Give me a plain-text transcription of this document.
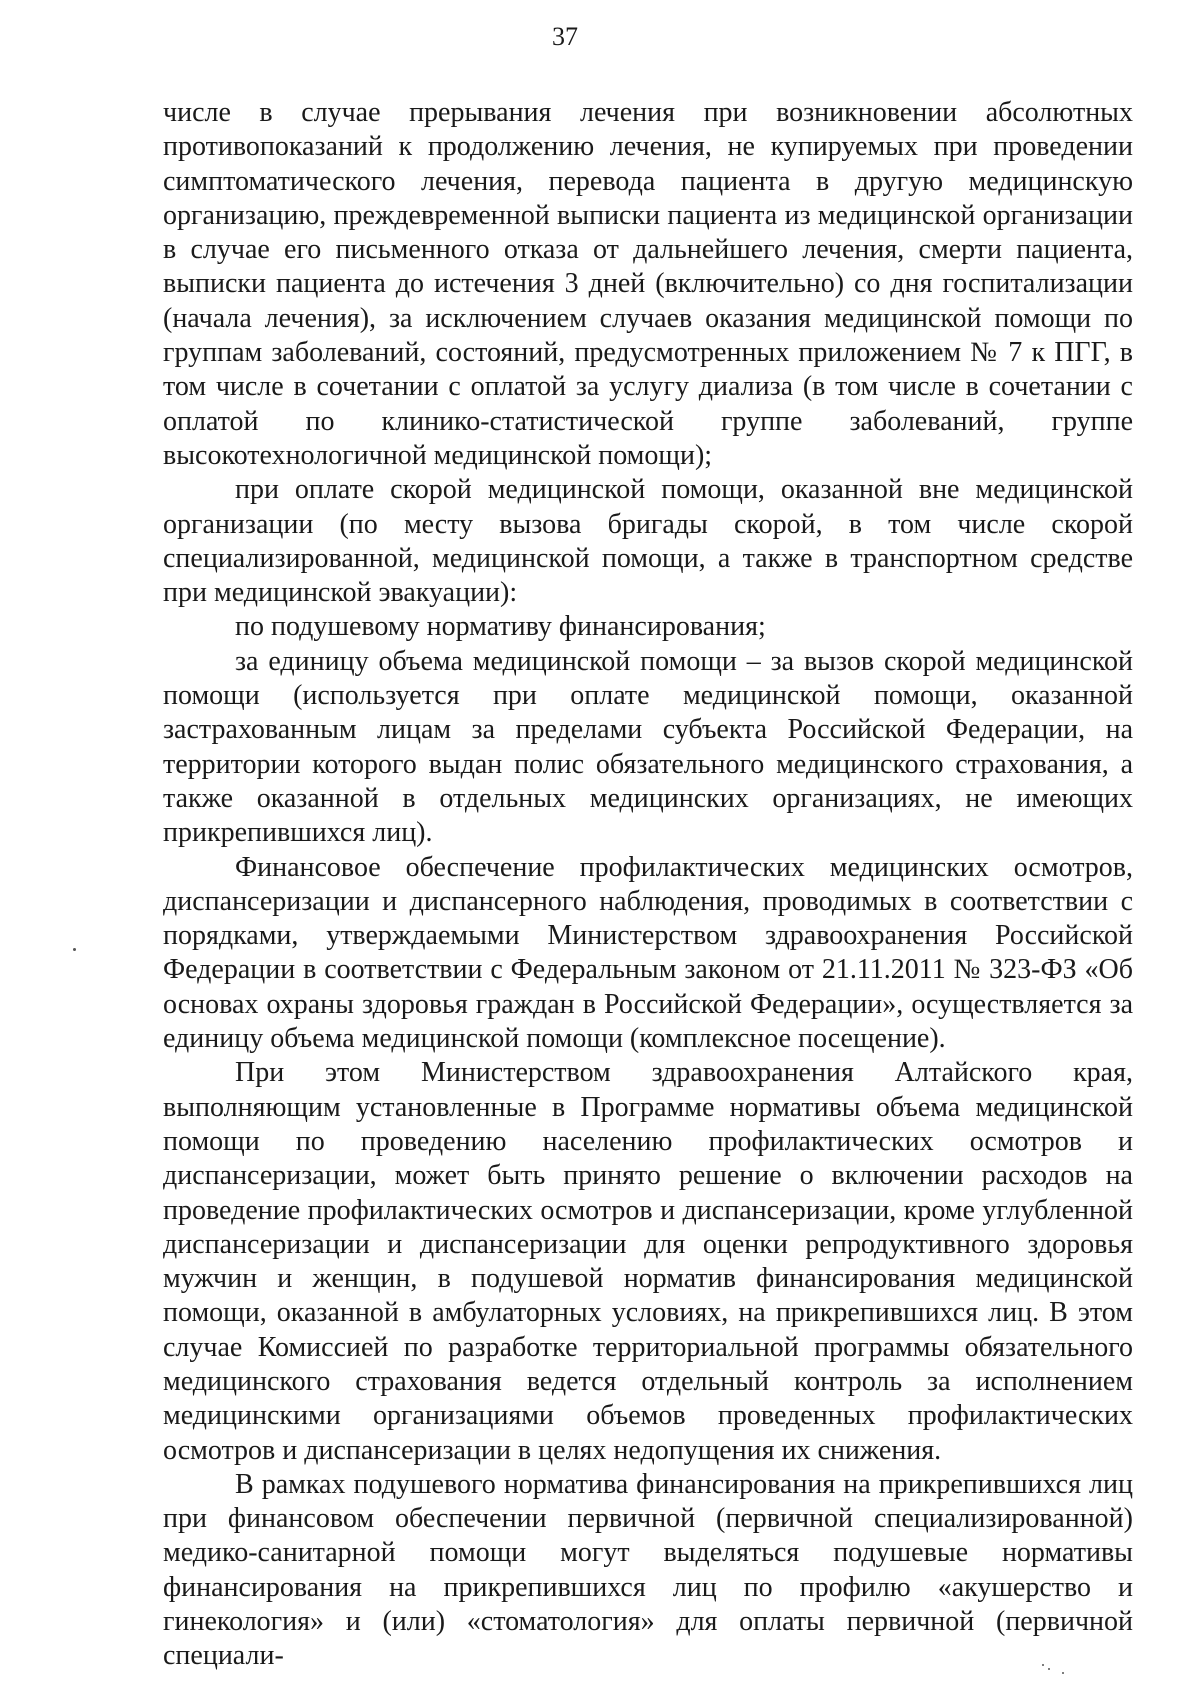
37

числе в случае прерывания лечения при возникновении абсолютных противопоказаний к продолжению лечения, не купируемых при проведении симптоматического лечения, перевода пациента в другую медицинскую организацию, преждевременной выписки пациента из медицинской организации в случае его письменного отказа от дальнейшего лечения, смерти пациента, выписки пациента до истечения 3 дней (включительно) со дня госпитализации (начала лечения), за исключением случаев оказания медицинской помощи по группам заболеваний, состояний, предусмотренных приложением № 7 к ПГГ, в том числе в сочетании с оплатой за услугу диализа (в том числе в сочетании с оплатой по клинико-статистической группе заболеваний, группе высокотехнологичной медицинской помощи);

при оплате скорой медицинской помощи, оказанной вне медицинской организации (по месту вызова бригады скорой, в том числе скорой специализированной, медицинской помощи, а также в транспортном средстве при медицинской эвакуации):

по подушевому нормативу финансирования;

за единицу объема медицинской помощи – за вызов скорой медицинской помощи (используется при оплате медицинской помощи, оказанной застрахованным лицам за пределами субъекта Российской Федерации, на территории которого выдан полис обязательного медицинского страхования, а также оказанной в отдельных медицинских организациях, не имеющих прикрепившихся лиц).

Финансовое обеспечение профилактических медицинских осмотров, диспансеризации и диспансерного наблюдения, проводимых в соответствии с порядками, утверждаемыми Министерством здравоохранения Российской Федерации в соответствии с Федеральным законом от 21.11.2011 № 323-ФЗ «Об основах охраны здоровья граждан в Российской Федерации», осуществляется за единицу объема медицинской помощи (комплексное посещение).

При этом Министерством здравоохранения Алтайского края, выполняющим установленные в Программе нормативы объема медицинской помощи по проведению населению профилактических осмотров и диспансеризации, может быть принято решение о включении расходов на проведение профилактических осмотров и диспансеризации, кроме углубленной диспансеризации и диспансеризации для оценки репродуктивного здоровья мужчин и женщин, в подушевой норматив финансирования медицинской помощи, оказанной в амбулаторных условиях, на прикрепившихся лиц. В этом случае Комиссией по разработке территориальной программы обязательного медицинского страхования ведется отдельный контроль за исполнением медицинскими организациями объемов проведенных профилактических осмотров и диспансеризации в целях недопущения их снижения.

В рамках подушевого норматива финансирования на прикрепившихся лиц при финансовом обеспечении первичной (первичной специализированной) медико-санитарной помощи могут выделяться подушевые нормативы финансирования на прикрепившихся лиц по профилю «акушерство и гинекология» и (или) «стоматология» для оплаты первичной (первичной специали-
